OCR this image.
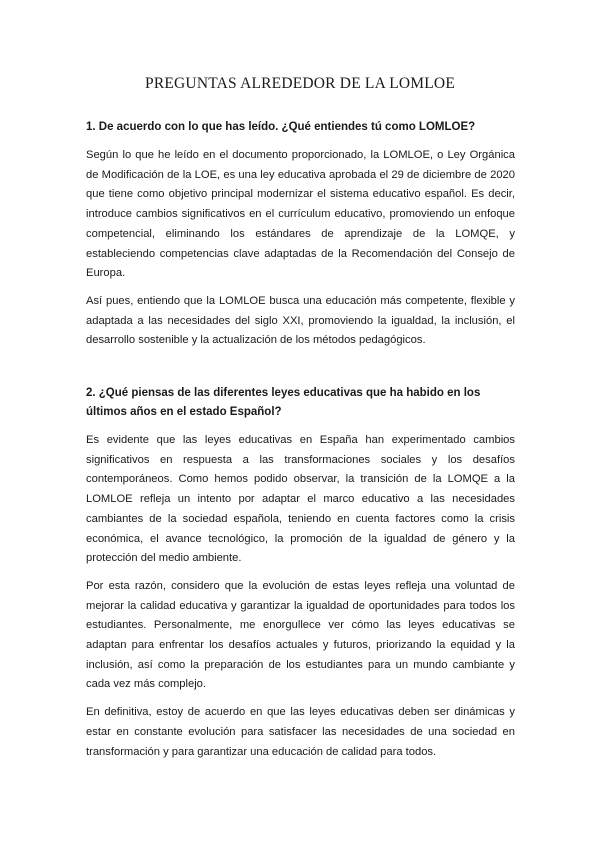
PREGUNTAS ALREDEDOR DE LA LOMLOE

1. De acuerdo con lo que has leído. ¿Qué entiendes tú como LOMLOE?

Según lo que he leído en el documento proporcionado, la LOMLOE, o Ley Orgánica de Modificación de la LOE, es una ley educativa aprobada el 29 de diciembre de 2020 que tiene como objetivo principal modernizar el sistema educativo español. Es decir, introduce cambios significativos en el currículum educativo, promoviendo un enfoque competencial, eliminando los estándares de aprendizaje de la LOMQE, y estableciendo competencias clave adaptadas de la Recomendación del Consejo de Europa.

Así pues, entiendo que la LOMLOE busca una educación más competente, flexible y adaptada a las necesidades del siglo XXI, promoviendo la igualdad, la inclusión, el desarrollo sostenible y la actualización de los métodos pedagógicos.

2. ¿Qué piensas de las diferentes leyes educativas que ha habido en los últimos años en el estado Español?

Es evidente que las leyes educativas en España han experimentado cambios significativos en respuesta a las transformaciones sociales y los desafíos contemporáneos. Como hemos podido observar, la transición de la LOMQE a la LOMLOE refleja un intento por adaptar el marco educativo a las necesidades cambiantes de la sociedad española, teniendo en cuenta factores como la crisis económica, el avance tecnológico, la promoción de la igualdad de género y la protección del medio ambiente.

Por esta razón, considero que la evolución de estas leyes refleja una voluntad de mejorar la calidad educativa y garantizar la igualdad de oportunidades para todos los estudiantes. Personalmente, me enorgullece ver cómo las leyes educativas se adaptan para enfrentar los desafíos actuales y futuros, priorizando la equidad y la inclusión, así como la preparación de los estudiantes para un mundo cambiante y cada vez más complejo.

En definitiva, estoy de acuerdo en que las leyes educativas deben ser dinámicas y estar en constante evolución para satisfacer las necesidades de una sociedad en transformación y para garantizar una educación de calidad para todos.
